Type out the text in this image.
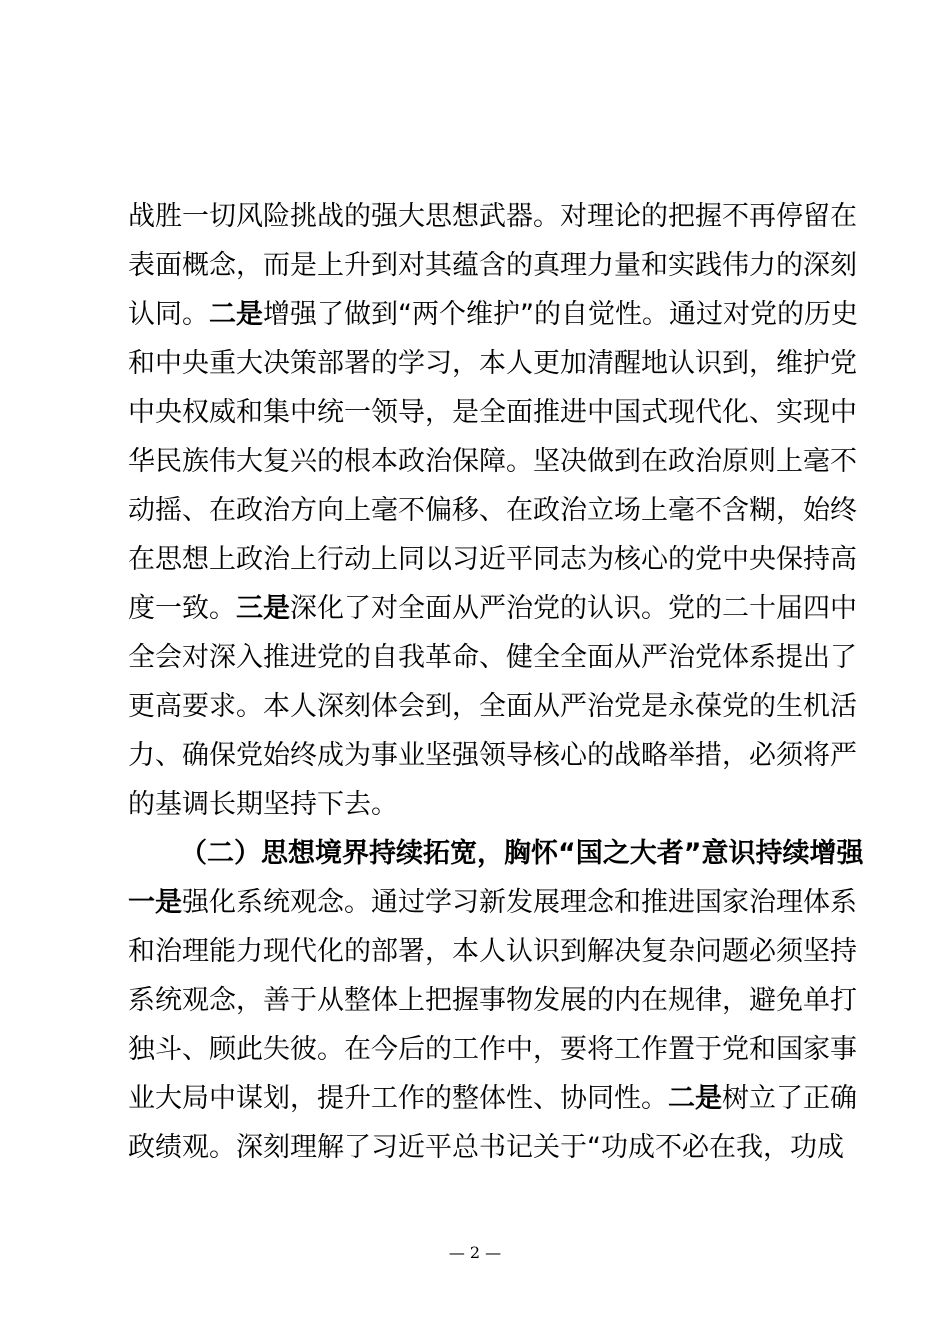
战胜一切风险挑战的强大思想武器。对理论的把握不再停留在
表面概念，而是上升到对其蕴含的真理力量和实践伟力的深刻
认同。二是增强了做到“两个维护”的自觉性。通过对党的历史
和中央重大决策部署的学习，本人更加清醒地认识到，维护党
中央权威和集中统一领导，是全面推进中国式现代化、实现中
华民族伟大复兴的根本政治保障。坚决做到在政治原则上毫不
动摇、在政治方向上毫不偏移、在政治立场上毫不含糊，始终
在思想上政治上行动上同以习近平同志为核心的党中央保持高
度一致。三是深化了对全面从严治党的认识。党的二十届四中
全会对深入推进党的自我革命、健全全面从严治党体系提出了
更高要求。本人深刻体会到，全面从严治党是永葆党的生机活
力、确保党始终成为事业坚强领导核心的战略举措，必须将严
的基调长期坚持下去。
（二）思想境界持续拓宽，胸怀“国之大者”意识持续增强
一是强化系统观念。通过学习新发展理念和推进国家治理体系
和治理能力现代化的部署，本人认识到解决复杂问题必须坚持
系统观念，善于从整体上把握事物发展的内在规律，避免单打
独斗、顾此失彼。在今后的工作中，要将工作置于党和国家事
业大局中谋划，提升工作的整体性、协同性。二是树立了正确
政绩观。深刻理解了习近平总书记关于“功成不必在我，功成
— 2 —
